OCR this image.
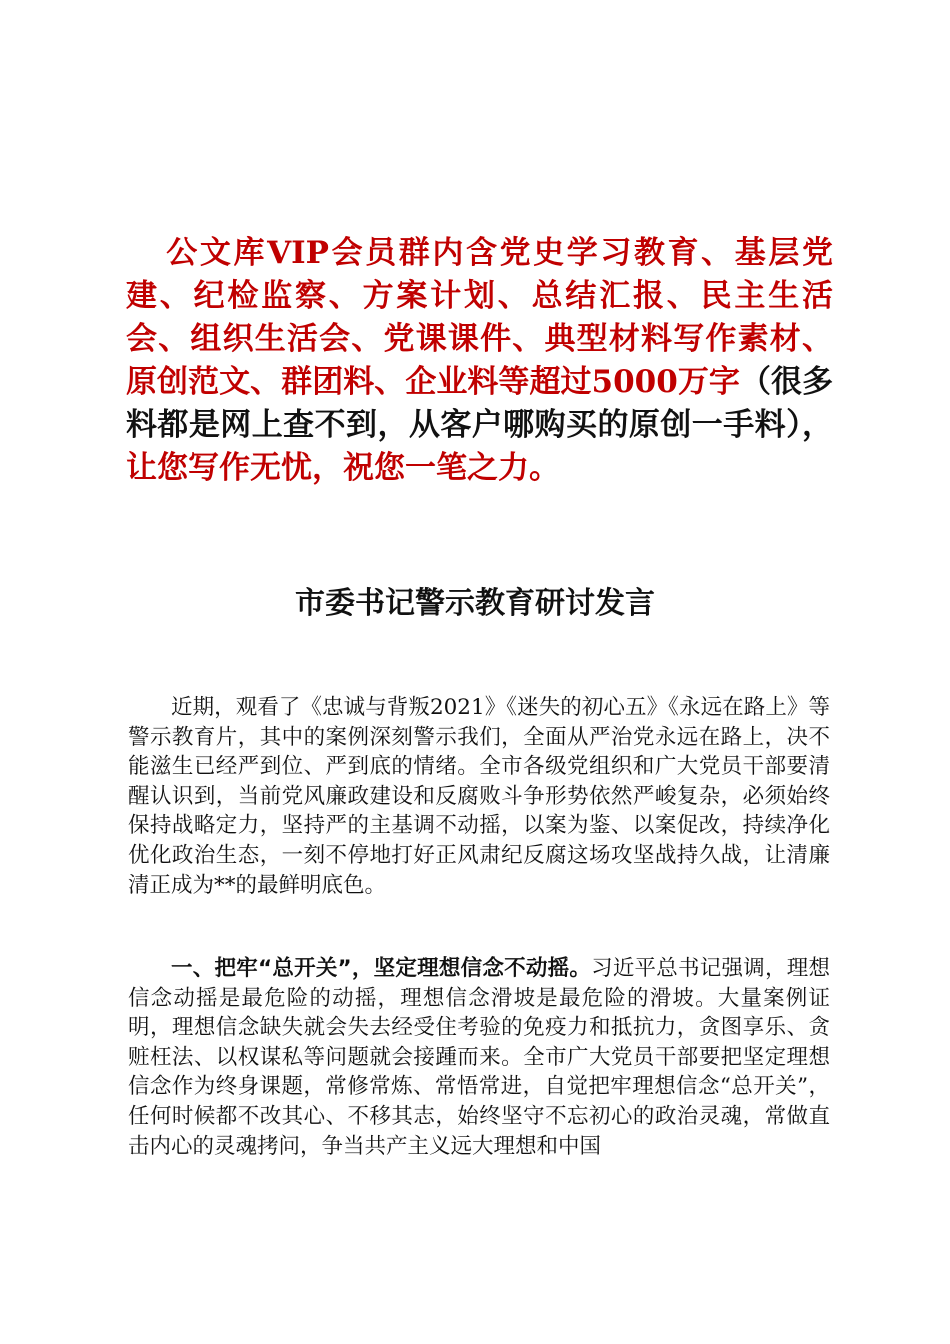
公文库VIP会员群内含党史学习教育、基层党建、纪检监察、方案计划、总结汇报、民主生活会、组织生活会、党课课件、典型材料写作素材、原创范文、群团料、企业料等超过5000万字（很多料都是网上查不到，从客户哪购买的原创一手料），让您写作无忧，祝您一笔之力。

市委书记警示教育研讨发言

近期，观看了《忠诚与背叛2021》《迷失的初心五》《永远在路上》等警示教育片，其中的案例深刻警示我们，全面从严治党永远在路上，决不能滋生已经严到位、严到底的情绪。全市各级党组织和广大党员干部要清醒认识到，当前党风廉政建设和反腐败斗争形势依然严峻复杂，必须始终保持战略定力，坚持严的主基调不动摇，以案为鉴、以案促改，持续净化优化政治生态，一刻不停地打好正风肃纪反腐这场攻坚战持久战，让清廉清正成为**的最鲜明底色。

一、把牢“总开关”，坚定理想信念不动摇。习近平总书记强调，理想信念动摇是最危险的动摇，理想信念滑坡是最危险的滑坡。大量案例证明，理想信念缺失就会失去经受住考验的免疫力和抵抗力，贪图享乐、贪赃枉法、以权谋私等问题就会接踵而来。全市广大党员干部要把坚定理想信念作为终身课题，常修常炼、常悟常进，自觉把牢理想信念“总开关”，任何时候都不改其心、不移其志，始终坚守不忘初心的政治灵魂，常做直击内心的灵魂拷问，争当共产主义远大理想和中国
